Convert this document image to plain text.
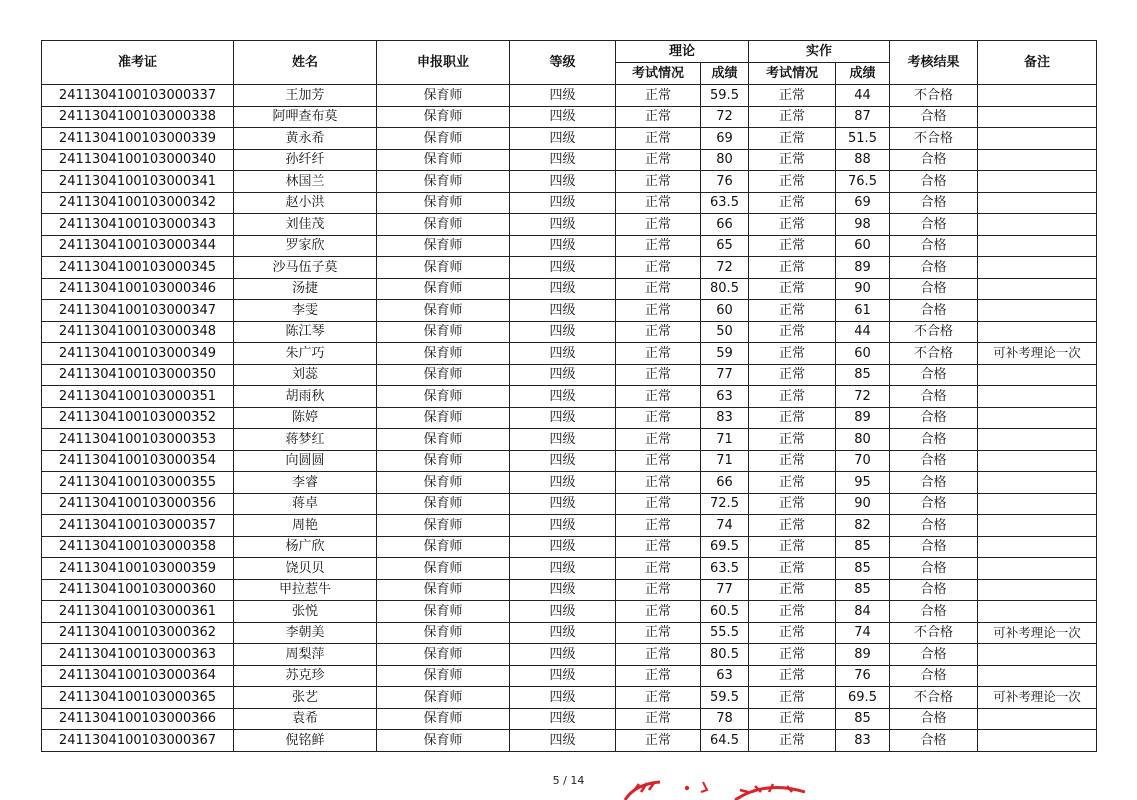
准考证	姓名	申报职业	等级	理论		实作		考核结果	备注
				考试情况	成绩	考试情况	成绩		
2411304100103000337	王加芳	保育师	四级	正常	59.5	正常	44	不合格	
2411304100103000338	阿呷查布莫	保育师	四级	正常	72	正常	87	合格	
2411304100103000339	黄永希	保育师	四级	正常	69	正常	51.5	不合格	
2411304100103000340	孙纤纤	保育师	四级	正常	80	正常	88	合格	
2411304100103000341	林国兰	保育师	四级	正常	76	正常	76.5	合格	
2411304100103000342	赵小洪	保育师	四级	正常	63.5	正常	69	合格	
2411304100103000343	刘佳茂	保育师	四级	正常	66	正常	98	合格	
2411304100103000344	罗家欣	保育师	四级	正常	65	正常	60	合格	
2411304100103000345	沙马伍子莫	保育师	四级	正常	72	正常	89	合格	
2411304100103000346	汤捷	保育师	四级	正常	80.5	正常	90	合格	
2411304100103000347	李雯	保育师	四级	正常	60	正常	61	合格	
2411304100103000348	陈江琴	保育师	四级	正常	50	正常	44	不合格	
2411304100103000349	朱广巧	保育师	四级	正常	59	正常	60	不合格	可补考理论一次
2411304100103000350	刘蕊	保育师	四级	正常	77	正常	85	合格	
2411304100103000351	胡雨秋	保育师	四级	正常	63	正常	72	合格	
2411304100103000352	陈婷	保育师	四级	正常	83	正常	89	合格	
2411304100103000353	蒋梦红	保育师	四级	正常	71	正常	80	合格	
2411304100103000354	向圆圆	保育师	四级	正常	71	正常	70	合格	
2411304100103000355	李睿	保育师	四级	正常	66	正常	95	合格	
2411304100103000356	蒋卓	保育师	四级	正常	72.5	正常	90	合格	
2411304100103000357	周艳	保育师	四级	正常	74	正常	82	合格	
2411304100103000358	杨广欣	保育师	四级	正常	69.5	正常	85	合格	
2411304100103000359	饶贝贝	保育师	四级	正常	63.5	正常	85	合格	
2411304100103000360	甲拉惹牛	保育师	四级	正常	77	正常	85	合格	
2411304100103000361	张悦	保育师	四级	正常	60.5	正常	84	合格	
2411304100103000362	李朝美	保育师	四级	正常	55.5	正常	74	不合格	可补考理论一次
2411304100103000363	周梨萍	保育师	四级	正常	80.5	正常	89	合格	
2411304100103000364	苏克珍	保育师	四级	正常	63	正常	76	合格	
2411304100103000365	张艺	保育师	四级	正常	59.5	正常	69.5	不合格	可补考理论一次
2411304100103000366	袁希	保育师	四级	正常	78	正常	85	合格	
2411304100103000367	倪铭鲜	保育师	四级	正常	64.5	正常	83	合格	
5 / 14
